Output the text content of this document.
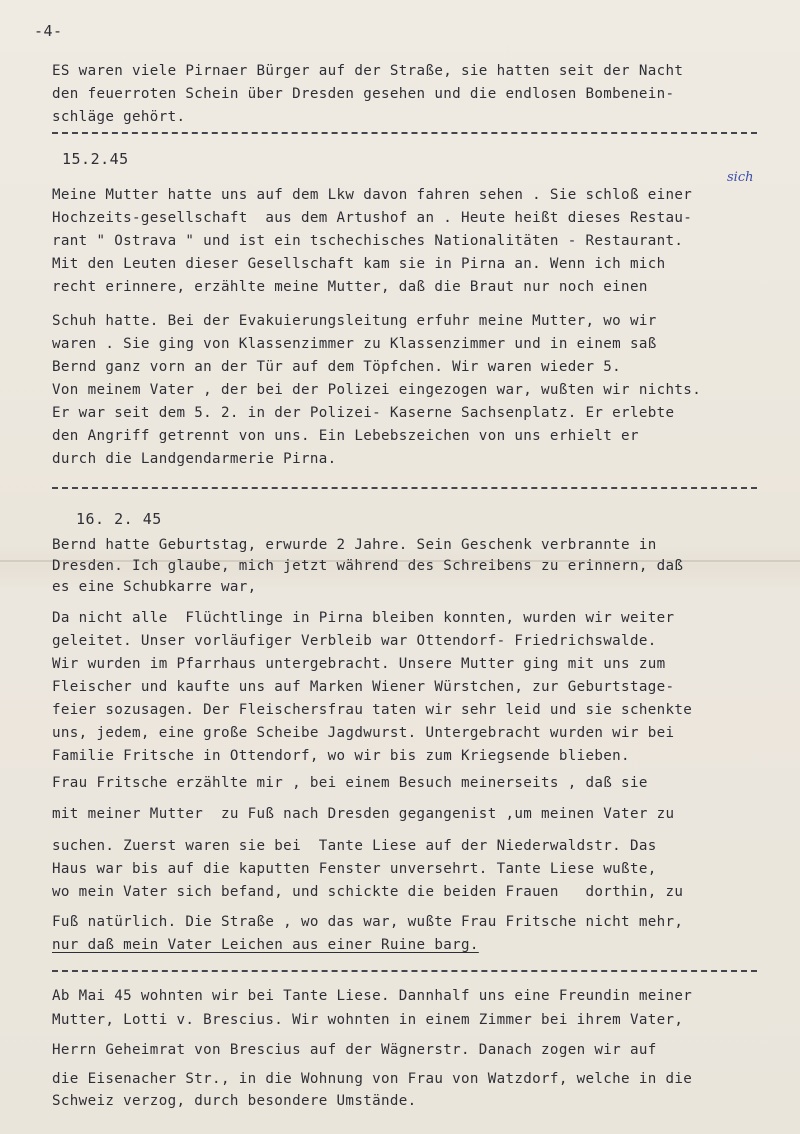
-4-
ES waren viele Pirnaer Bürger auf der Straße, sie hatten seit der Nacht
den feuerroten Schein über Dresden gesehen und die endlosen Bombenein-
schläge gehört.
15.2.45
sich
Meine Mutter hatte uns auf dem Lkw davon fahren sehen . Sie schloß einer
Hochzeits-gesellschaft  aus dem Artushof an . Heute heißt dieses Restau-
rant " Ostrava " und ist ein tschechisches Nationalitäten - Restaurant.
Mit den Leuten dieser Gesellschaft kam sie in Pirna an. Wenn ich mich
recht erinnere, erzählte meine Mutter, daß die Braut nur noch einen
Schuh hatte. Bei der Evakuierungsleitung erfuhr meine Mutter, wo wir
waren . Sie ging von Klassenzimmer zu Klassenzimmer und in einem saß
Bernd ganz vorn an der Tür auf dem Töpfchen. Wir waren wieder 5.
Von meinem Vater , der bei der Polizei eingezogen war, wußten wir nichts.
Er war seit dem 5. 2. in der Polizei- Kaserne Sachsenplatz. Er erlebte
den Angriff getrennt von uns. Ein Lebebszeichen von uns erhielt er
durch die Landgendarmerie Pirna.
16. 2. 45
Bernd hatte Geburtstag, erwurde 2 Jahre. Sein Geschenk verbrannte in
Dresden. Ich glaube, mich jetzt während des Schreibens zu erinnern, daß
es eine Schubkarre war,
Da nicht alle  Flüchtlinge in Pirna bleiben konnten, wurden wir weiter
geleitet. Unser vorläufiger Verbleib war Ottendorf- Friedrichswalde.
Wir wurden im Pfarrhaus untergebracht. Unsere Mutter ging mit uns zum
Fleischer und kaufte uns auf Marken Wiener Würstchen, zur Geburtstage-
feier sozusagen. Der Fleischersfrau taten wir sehr leid und sie schenkte
uns, jedem, eine große Scheibe Jagdwurst. Untergebracht wurden wir bei
Familie Fritsche in Ottendorf, wo wir bis zum Kriegsende blieben.
Frau Fritsche erzählte mir , bei einem Besuch meinerseits , daß sie
mit meiner Mutter  zu Fuß nach Dresden gegangenist ,um meinen Vater zu
suchen. Zuerst waren sie bei  Tante Liese auf der Niederwaldstr. Das
Haus war bis auf die kaputten Fenster unversehrt. Tante Liese wußte,
wo mein Vater sich befand, und schickte die beiden Frauen   dorthin, zu
Fuß natürlich. Die Straße , wo das war, wußte Frau Fritsche nicht mehr,
nur daß mein Vater Leichen aus einer Ruine barg.
Ab Mai 45 wohnten wir bei Tante Liese. Dannhalf uns eine Freundin meiner
Mutter, Lotti v. Brescius. Wir wohnten in einem Zimmer bei ihrem Vater,
Herrn Geheimrat von Brescius auf der Wägnerstr. Danach zogen wir auf
die Eisenacher Str., in die Wohnung von Frau von Watzdorf, welche in die
Schweiz verzog, durch besondere Umstände.
